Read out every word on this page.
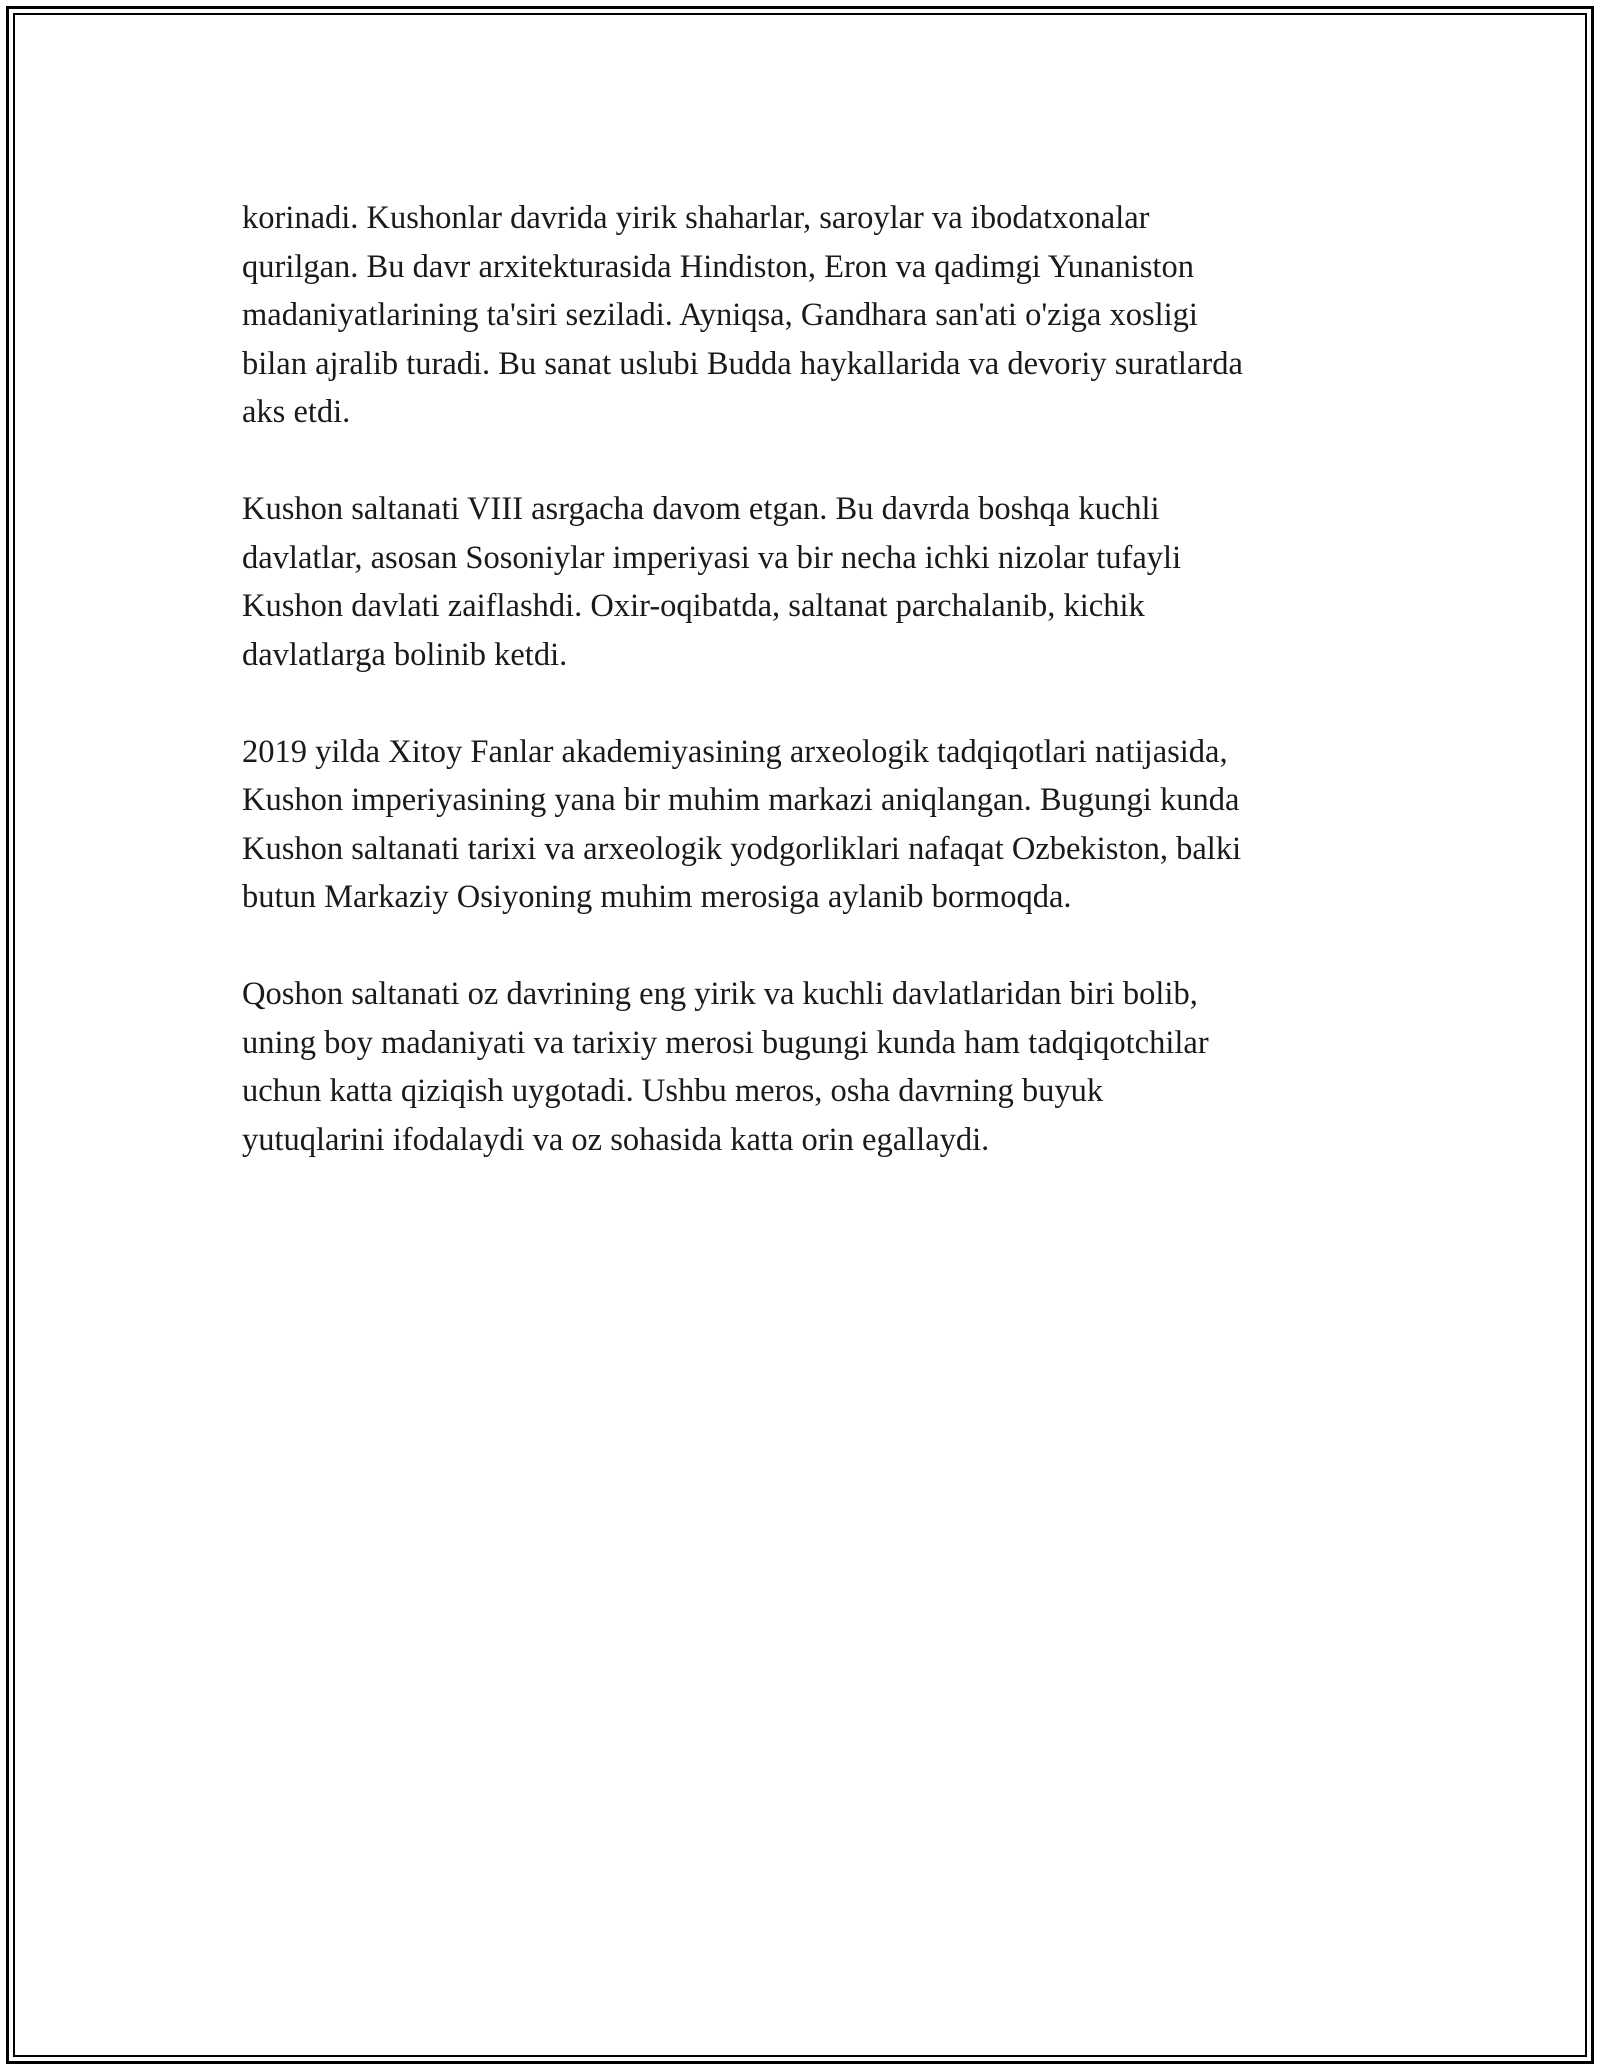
korinadi. Kushonlar davrida yirik shaharlar, saroylar va ibodatxonalar
qurilgan. Bu davr arxitekturasida Hindiston, Eron va qadimgi Yunaniston
madaniyatlarining ta'siri seziladi. Ayniqsa, Gandhara san'ati o'ziga xosligi
bilan ajralib turadi. Bu sanat uslubi Budda haykallarida va devoriy suratlarda
aks etdi.

Kushon saltanati VIII asrgacha davom etgan. Bu davrda boshqa kuchli
davlatlar, asosan Sosoniylar imperiyasi va bir necha ichki nizolar tufayli
Kushon davlati zaiflashdi. Oxir-oqibatda, saltanat parchalanib, kichik
davlatlarga bolinib ketdi.

2019 yilda Xitoy Fanlar akademiyasining arxeologik tadqiqotlari natijasida,
Kushon imperiyasining yana bir muhim markazi aniqlangan. Bugungi kunda
Kushon saltanati tarixi va arxeologik yodgorliklari nafaqat Ozbekiston, balki
butun Markaziy Osiyoning muhim merosiga aylanib bormoqda.

Qoshon saltanati oz davrining eng yirik va kuchli davlatlaridan biri bolib,
uning boy madaniyati va tarixiy merosi bugungi kunda ham tadqiqotchilar
uchun katta qiziqish uygotadi. Ushbu meros, osha davrning buyuk
yutuqlarini ifodalaydi va oz sohasida katta orin egallaydi.
